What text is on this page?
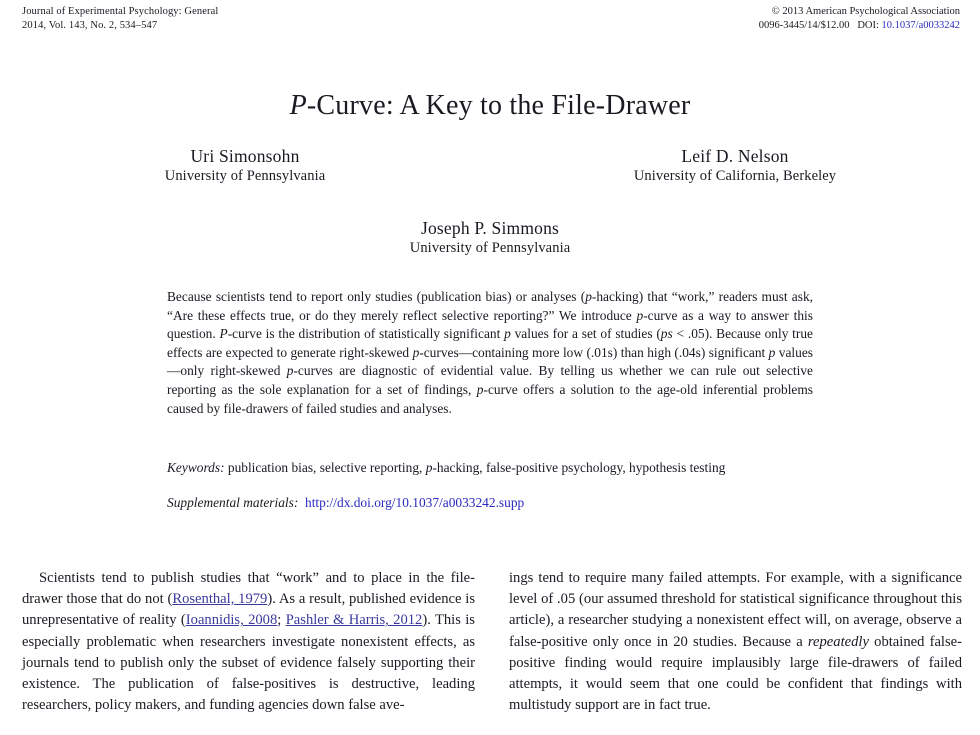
Journal of Experimental Psychology: General
2014, Vol. 143, No. 2, 534–547
© 2013 American Psychological Association
0096-3445/14/$12.00 DOI: 10.1037/a0033242
P-Curve: A Key to the File-Drawer
Uri Simonsohn
University of Pennsylvania
Leif D. Nelson
University of California, Berkeley
Joseph P. Simmons
University of Pennsylvania

Because scientists tend to report only studies (publication bias) or analyses (p-hacking) that “work,” readers must ask, “Are these effects true, or do they merely reflect selective reporting?” We introduce p-curve as a way to answer this question. P-curve is the distribution of statistically significant p values for a set of studies (ps < .05). Because only true effects are expected to generate right-skewed p-curves—containing more low (.01s) than high (.04s) significant p values—only right-skewed p-curves are diagnostic of evidential value. By telling us whether we can rule out selective reporting as the sole explanation for a set of findings, p-curve offers a solution to the age-old inferential problems caused by file-drawers of failed studies and analyses.

Keywords: publication bias, selective reporting, p-hacking, false-positive psychology, hypothesis testing
Supplemental materials: http://dx.doi.org/10.1037/a0033242.supp

Scientists tend to publish studies that “work” and to place in the file-drawer those that do not (Rosenthal, 1979). As a result, published evidence is unrepresentative of reality (Ioannidis, 2008; Pashler & Harris, 2012). This is especially problematic when researchers investigate nonexistent effects, as journals tend to publish only the subset of evidence falsely supporting their existence. The publication of false-positives is destructive, leading researchers, policy makers, and funding agencies down false ave-

ings tend to require many failed attempts. For example, with a significance level of .05 (our assumed threshold for statistical significance throughout this article), a researcher studying a nonexistent effect will, on average, observe a false-positive only once in 20 studies. Because a repeatedly obtained false-positive finding would require implausibly large file-drawers of failed attempts, it would seem that one could be confident that findings with multistudy support are in fact true.
